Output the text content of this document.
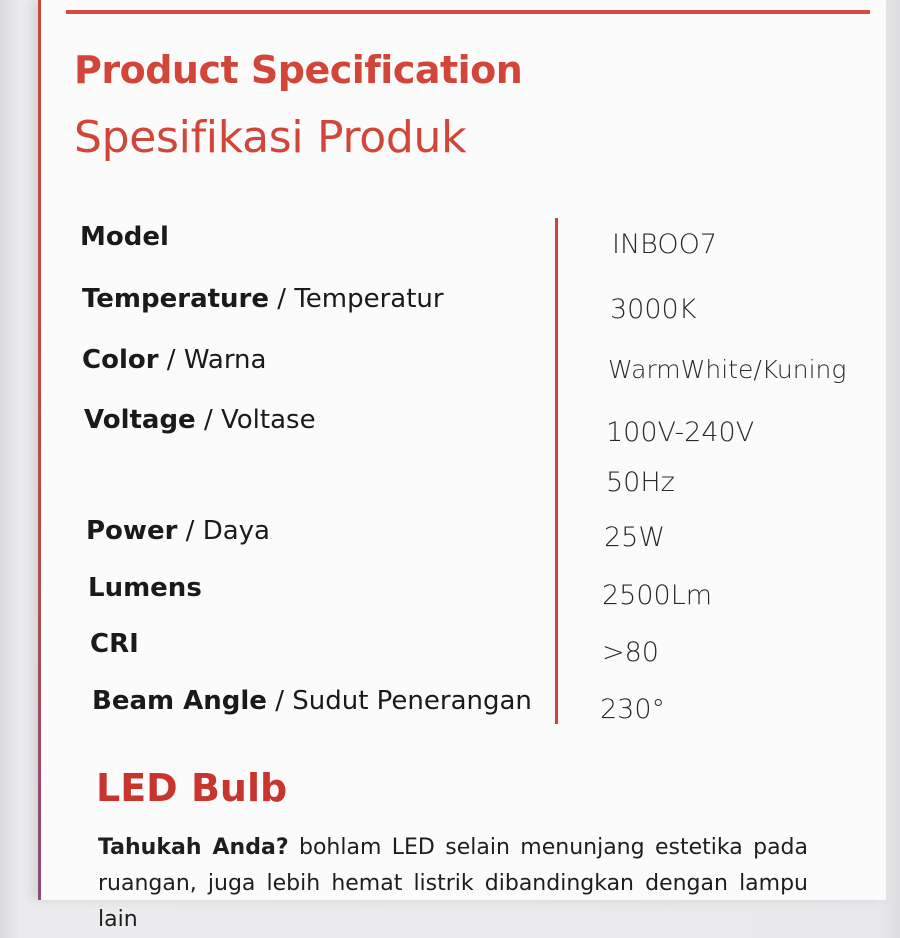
Product Specification
Spesifikasi Produk
Model	INBOO7
Temperature / Temperatur	3000K
Color / Warna	WarmWhite/Kuning
Voltage / Voltase	100V-240V
50Hz
Power / Daya	25W
Lumens	2500Lm
CRI	>80
Beam Angle / Sudut Penerangan	230°
LED Bulb
Tahukah Anda? bohlam LED selain menunjang estetika pada ruangan, juga lebih hemat listrik dibandingkan dengan lampu lain
